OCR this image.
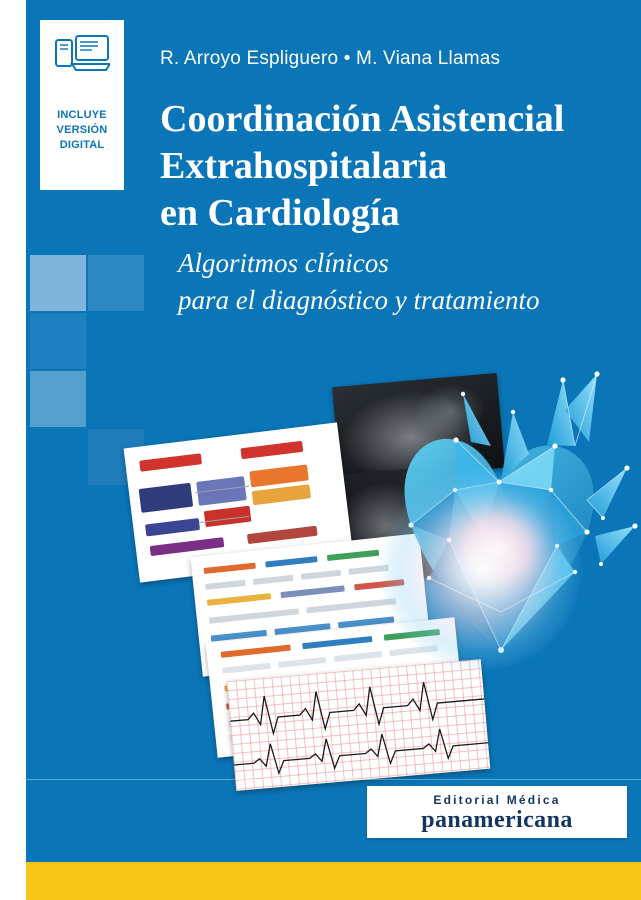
INCLUYE
VERSIÓN
DIGITAL
R. Arroyo Espliguero • M. Viana Llamas
Coordinación Asistencial
Extrahospitalaria
en Cardiología
Algoritmos clínicos
para el diagnóstico y tratamiento
Editorial Médica
panamericana
